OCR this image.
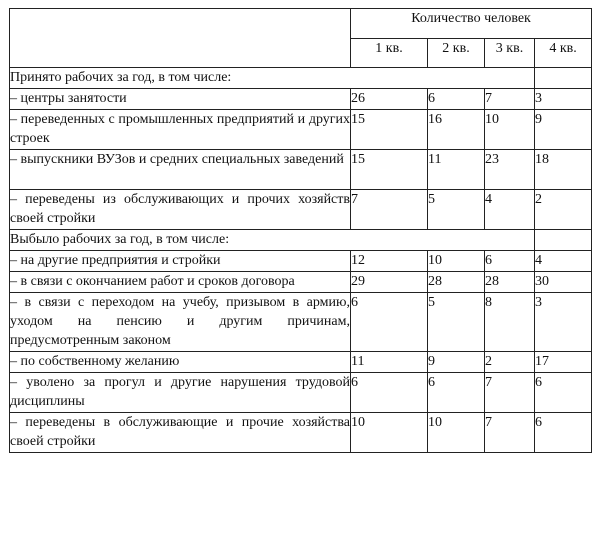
	Количество человек			
	1 кв.	2 кв.	3 кв.	4 кв.
Принято рабочих за год, в том числе:				
– центры занятости	26	6	7	3
– переведенных с промышленных предприятий и других строек	15	16	10	9
– выпускники ВУЗов и средних специальных заведений	15	11	23	18
– переведены из обслуживающих и прочих хозяйств своей стройки	7	5	4	2
Выбыло рабочих за год, в том числе:				
– на другие предприятия и стройки	12	10	6	4
– в связи с окончанием работ и сроков договора	29	28	28	30
– в связи с переходом на учебу, призывом в армию, уходом на пенсию и другим причинам, предусмотренным законом	6	5	8	3
– по собственному желанию	11	9	2	17
– уволено за прогул и другие нарушения трудовой дисциплины	6	6	7	6
– переведены в обслуживающие и прочие хозяйства своей стройки	10	10	7	6
